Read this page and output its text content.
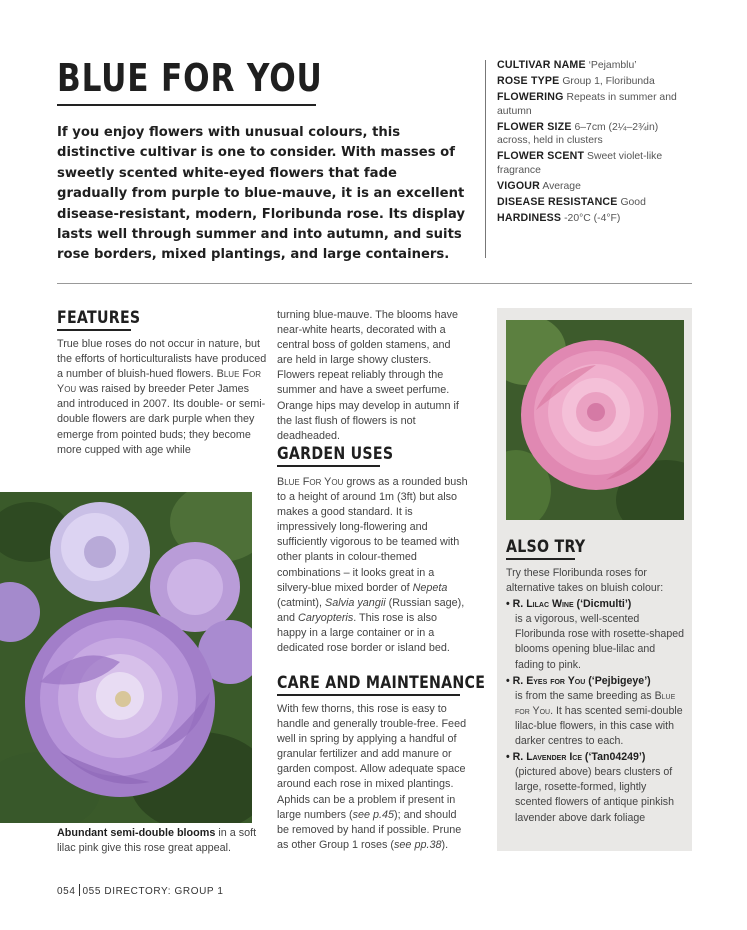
BLUE FOR YOU
If you enjoy flowers with unusual colours, this distinctive cultivar is one to consider. With masses of sweetly scented white-eyed flowers that fade gradually from purple to blue-mauve, it is an excellent disease-resistant, modern, Floribunda rose. Its display lasts well through summer and into autumn, and suits rose borders, mixed plantings, and large containers.
CULTIVAR NAME ‘Pejamblu’
ROSE TYPE Group 1, Floribunda
FLOWERING Repeats in summer and autumn
FLOWER SIZE 6–7cm (2¼–2¾in) across, held in clusters
FLOWER SCENT Sweet violet-like fragrance
VIGOUR Average
DISEASE RESISTANCE Good
HARDINESS -20°C (-4°F)
FEATURES
True blue roses do not occur in nature, but the efforts of horticulturalists have produced a number of bluish-hued flowers. Blue For You was raised by breeder Peter James and introduced in 2007. Its double- or semi-double flowers are dark purple when they emerge from pointed buds; they become more cupped with age while
Abundant semi-double blooms in a soft lilac pink give this rose great appeal.
turning blue-mauve. The blooms have near-white hearts, decorated with a central boss of golden stamens, and are held in large showy clusters. Flowers repeat reliably through the summer and have a sweet perfume. Orange hips may develop in autumn if the last flush of flowers is not deadheaded.
GARDEN USES
Blue For You grows as a rounded bush to a height of around 1m (3ft) but also makes a good standard. It is impressively long-flowering and sufficiently vigorous to be teamed with other plants in colour-themed combinations – it looks great in a silvery-blue mixed border of Nepeta (catmint), Salvia yangii (Russian sage), and Caryopteris. This rose is also happy in a large container or in a dedicated rose border or island bed.
CARE AND MAINTENANCE
With few thorns, this rose is easy to handle and generally trouble-free. Feed well in spring by applying a handful of granular fertilizer and add manure or garden compost. Allow adequate space around each rose in mixed plantings. Aphids can be a problem if present in large numbers (see p.45); and should be removed by hand if possible. Prune as other Group 1 roses (see pp.38).
ALSO TRY
Try these Floribunda roses for alternative takes on bluish colour:
• R. Lilac Wine (‘Dicmulti’)
is a vigorous, well-scented Floribunda rose with rosette-shaped blooms opening blue-lilac and fading to pink.
• R. Eyes for You (‘Pejbigeye’)
is from the same breeding as Blue for You. It has scented semi-double lilac-blue flowers, in this case with darker centres to each.
• R. Lavender Ice (‘Tan04249’)
(pictured above) bears clusters of large, rosette-formed, lightly scented flowers of antique pinkish lavender above dark foliage
054 055 DIRECTORY: GROUP 1
